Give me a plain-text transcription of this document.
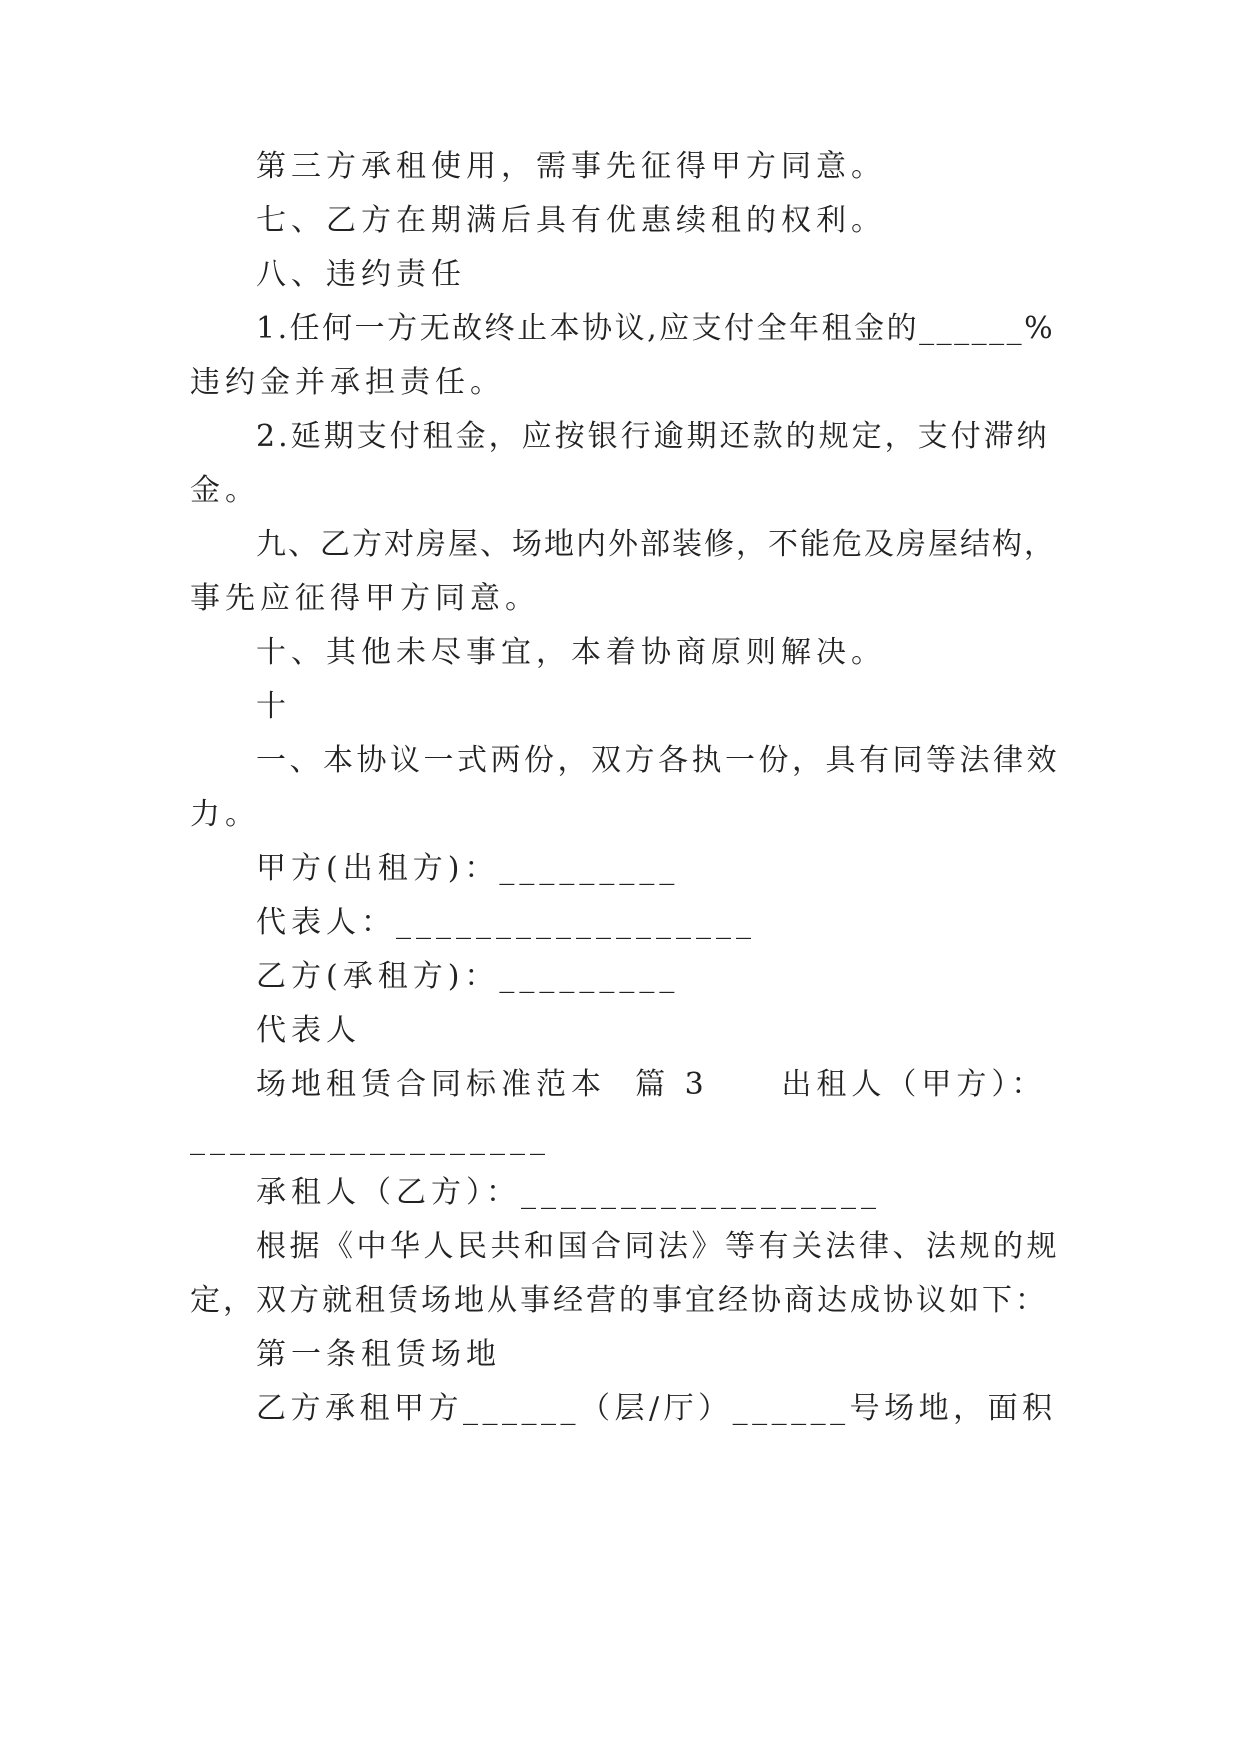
第三方承租使用，需事先征得甲方同意。

七、乙方在期满后具有优惠续租的权利。

八、违约责任

1.任何一方无故终止本协议,应支付全年租金的______%

违约金并承担责任。

2.延期支付租金，应按银行逾期还款的规定，支付滞纳

金。

九、乙方对房屋、场地内外部装修，不能危及房屋结构，

事先应征得甲方同意。

十、其他未尽事宜，本着协商原则解决。

十

一、本协议一式两份，双方各执一份，具有同等法律效

力。

甲方(出租方)：_________

代表人：__________________

乙方(承租方)：_________

代表人

场地租赁合同标准范本  篇 3     出租人（甲方）：

__________________

承租人（乙方）：__________________

根据《中华人民共和国合同法》等有关法律、法规的规

定，双方就租赁场地从事经营的事宜经协商达成协议如下：

第一条租赁场地

乙方承租甲方______（层/厅）______号场地，面积
